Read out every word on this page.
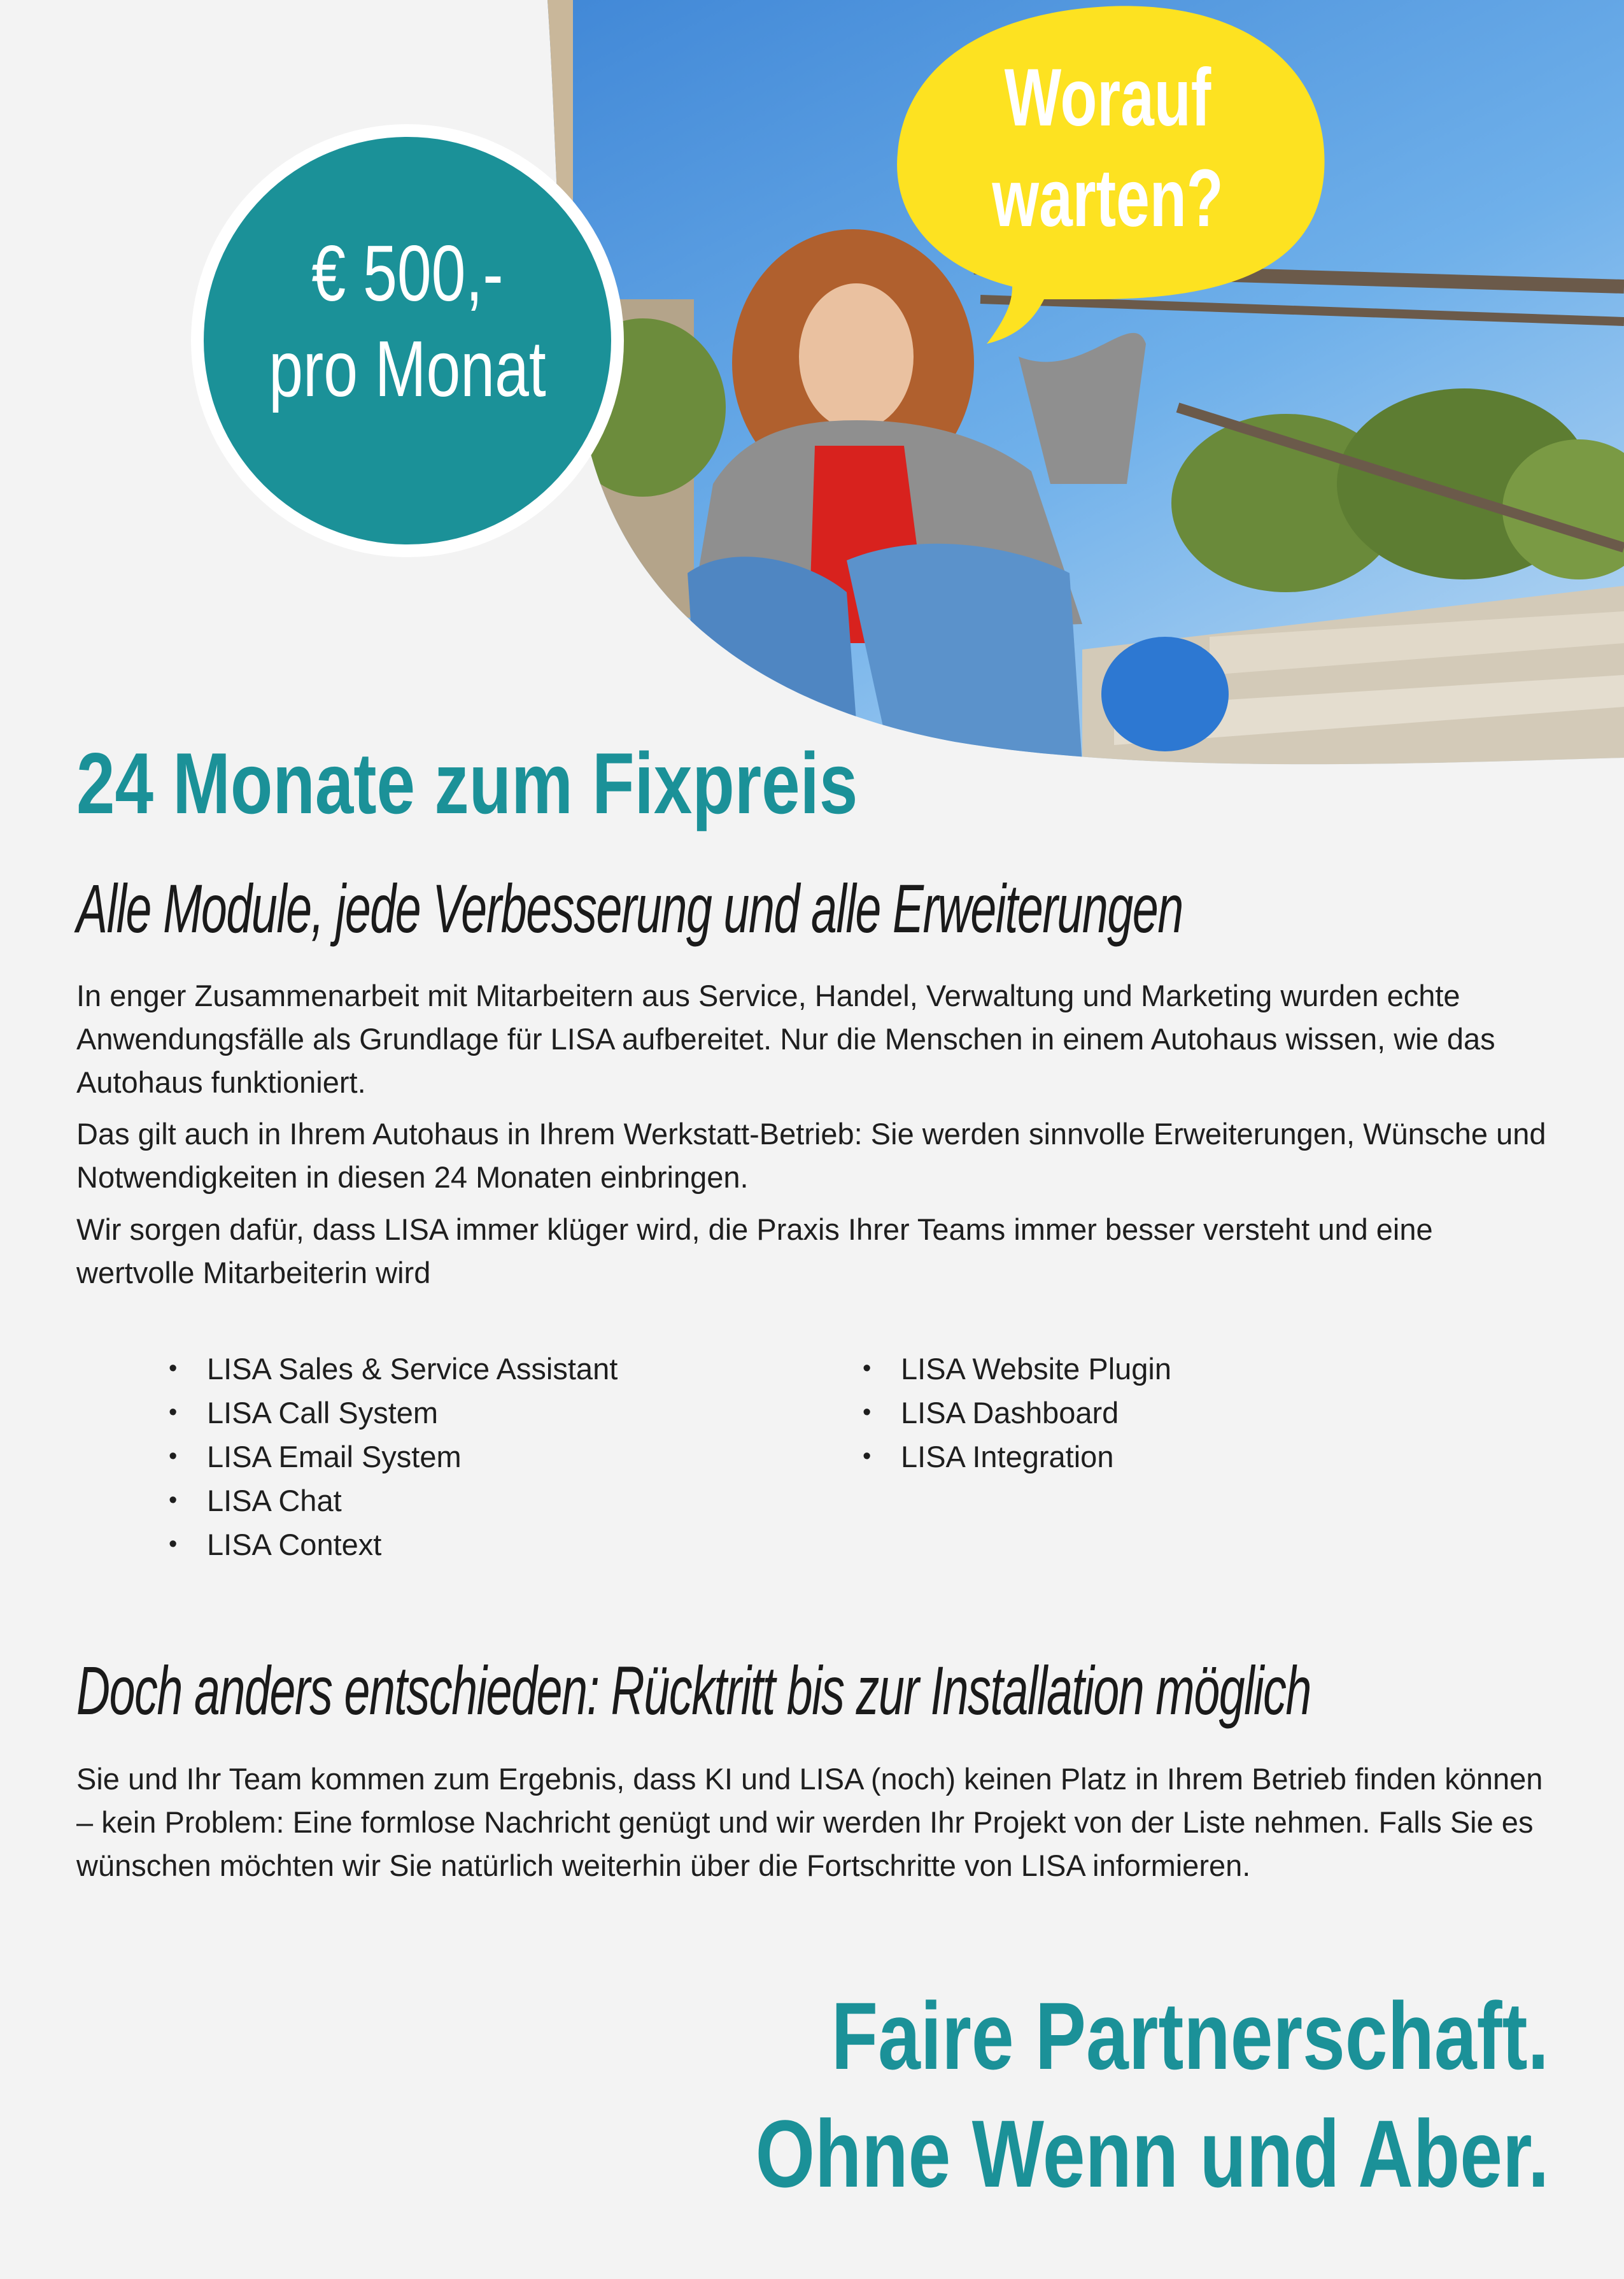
€ 500,-
pro Monat
Worauf
warten?
24 Monate zum Fixpreis
Alle Module, jede Verbesserung und alle Erweiterungen
In enger Zusammenarbeit mit Mitarbeitern aus Service, Handel, Verwaltung und Marketing wurden echte Anwendungsfälle als Grundlage für LISA aufbereitet. Nur die Menschen in einem Autohaus wissen, wie das Autohaus funktioniert.
Das gilt auch in Ihrem Autohaus in Ihrem Werkstatt-Betrieb: Sie werden sinnvolle Erweiterungen, Wünsche und Notwendigkeiten in diesen 24 Monaten einbringen.
Wir sorgen dafür, dass LISA immer klüger wird, die Praxis Ihrer Teams immer besser versteht und eine wertvolle Mitarbeiterin wird
• LISA Sales & Service Assistant
• LISA Call System
• LISA Email System
• LISA Chat
• LISA Context
• LISA Website Plugin
• LISA Dashboard
• LISA Integration
Doch anders entschieden: Rücktritt bis zur Installation möglich
Sie und Ihr Team kommen zum Ergebnis, dass KI und LISA (noch) keinen Platz in Ihrem Betrieb finden können – kein Problem: Eine formlose Nachricht genügt und wir werden Ihr Projekt von der Liste nehmen. Falls Sie es wünschen möchten wir Sie natürlich weiterhin über die Fortschritte von LISA informieren.
Faire Partnerschaft.
Ohne Wenn und Aber.
